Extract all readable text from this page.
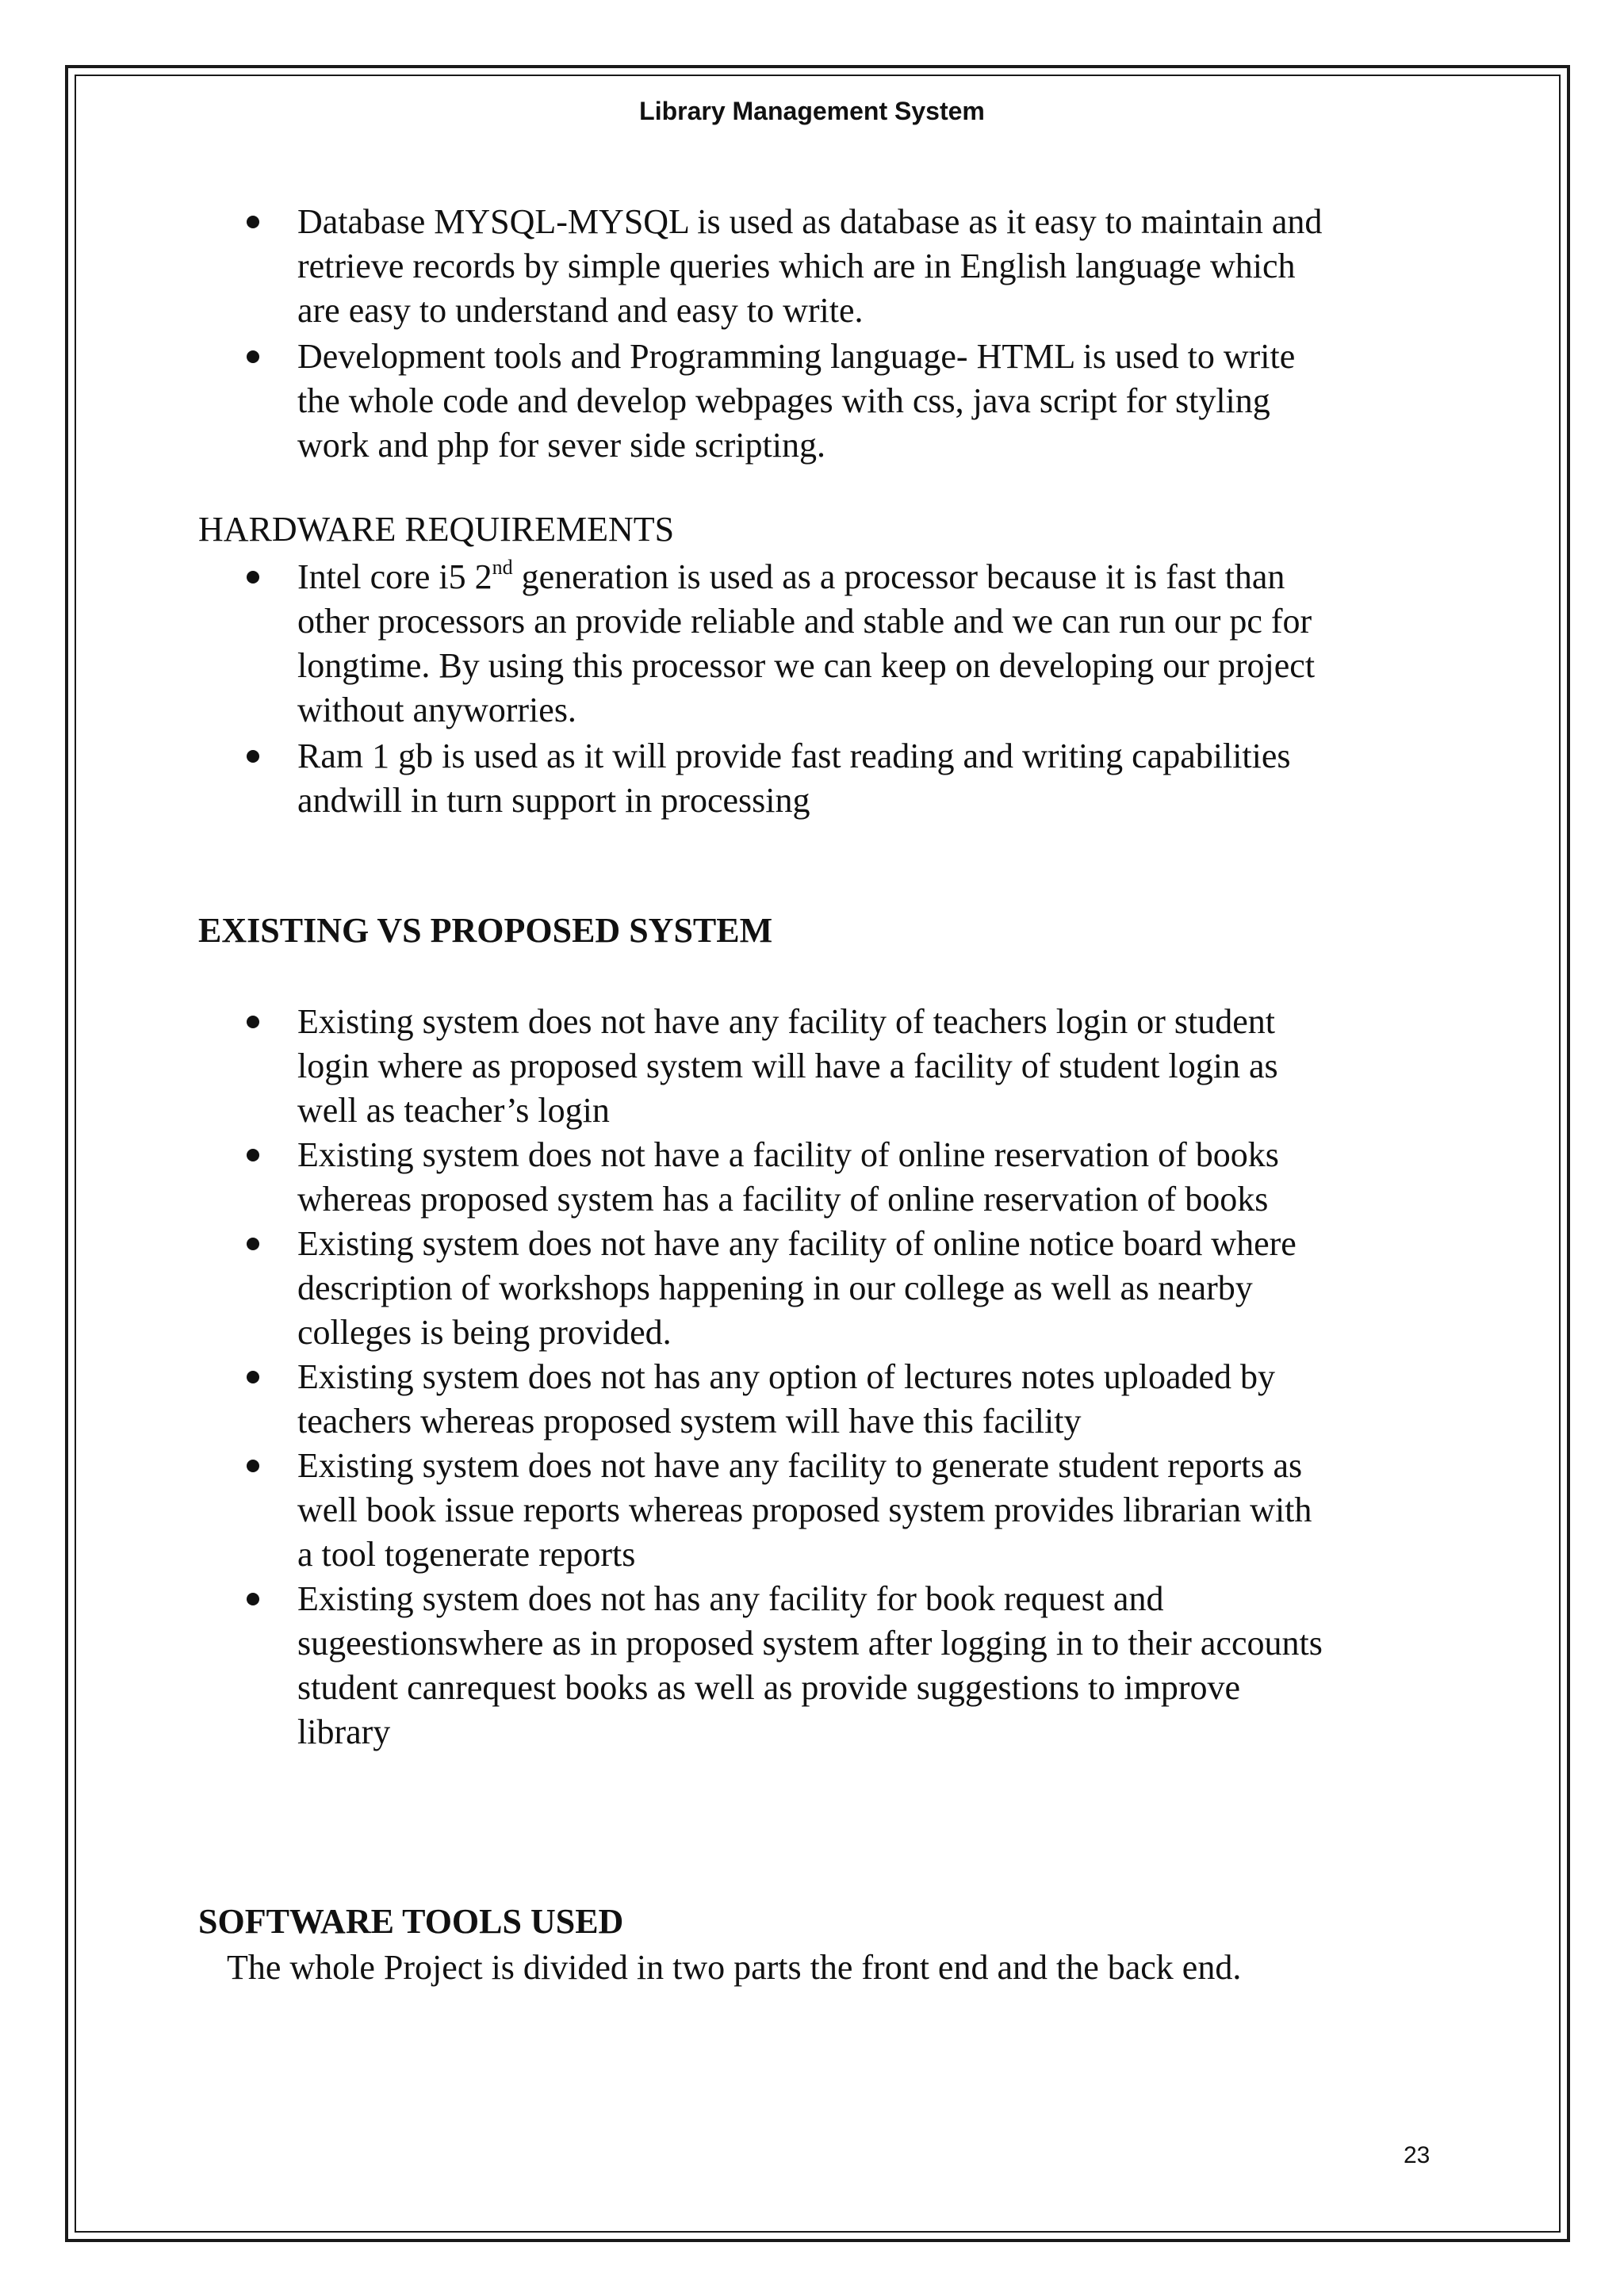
Library Management System
Database MYSQL-MYSQL is used as database as it easy to maintain and
retrieve records by simple queries which are in English language which
are easy to understand and easy to write.
Development tools and Programming language- HTML is used to write
the whole code and develop webpages with css, java script for styling
work and php for sever side scripting.
HARDWARE REQUIREMENTS
Intel core i5 2nd generation is used as a processor because it is fast than
other processors an provide reliable and stable and we can run our pc for
longtime. By using this processor we can keep on developing our project
without anyworries.
Ram 1 gb is used as it will provide fast reading and writing capabilities
andwill in turn support in processing
EXISTING VS PROPOSED SYSTEM
Existing system does not have any facility of teachers login or student
login where as proposed system will have a facility of student login as
well as teacher’s login
Existing system does not have a facility of online reservation of books
whereas proposed system has a facility of online reservation of books
Existing system does not have any facility of online notice board where
description of workshops happening in our college as well as nearby
colleges is being provided.
Existing system does not has any option of lectures notes uploaded by
teachers whereas proposed system will have this facility
Existing system does not have any facility to generate student reports as
well book issue reports whereas proposed system provides librarian with
a tool togenerate reports
Existing system does not has any facility for book request and
sugeestionswhere as in proposed system after logging in to their accounts
student canrequest books as well as provide suggestions to improve
library
SOFTWARE TOOLS USED
The whole Project is divided in two parts the front end and the back end.
23
